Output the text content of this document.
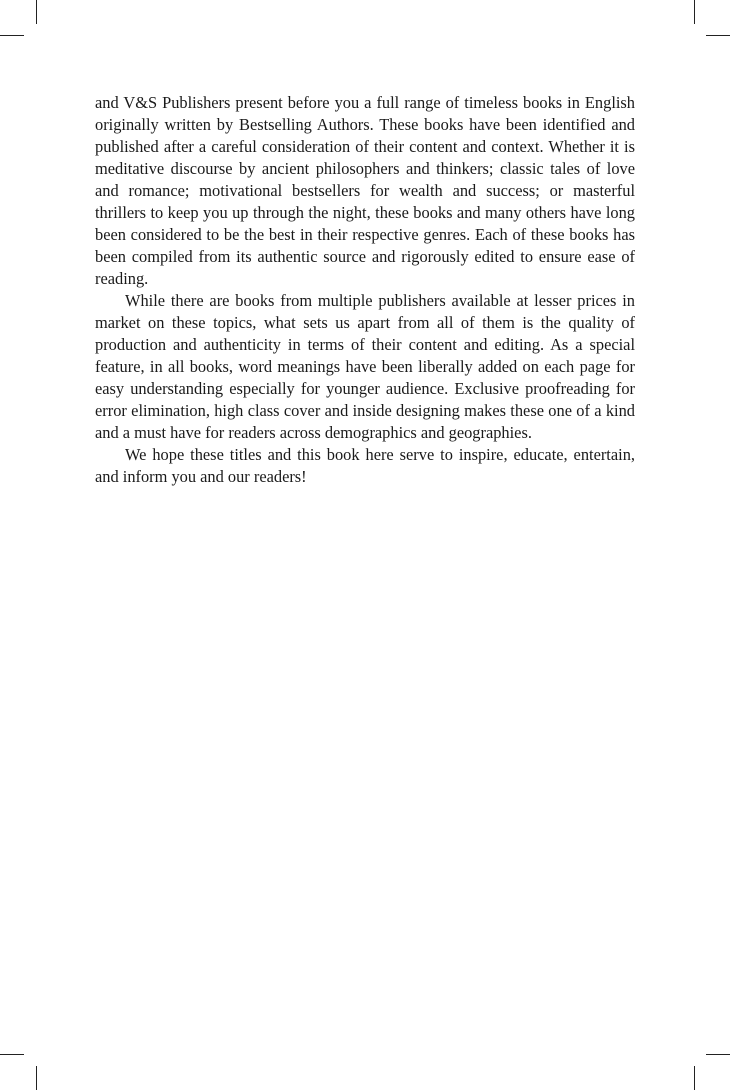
and V&S Publishers present before you a full range of timeless books in English originally written by Bestselling Authors. These books have been identified and published after a careful consideration of their content and context. Whether it is meditative discourse by ancient philosophers and thinkers; classic tales of love and romance; motivational bestsellers for wealth and success; or masterful thrillers to keep you up through the night, these books and many others have long been considered to be the best in their respective genres. Each of these books has been compiled from its authentic source and rigorously edited to ensure ease of reading.

While there are books from multiple publishers available at lesser prices in market on these topics, what sets us apart from all of them is the quality of production and authenticity in terms of their content and editing. As a special feature, in all books, word meanings have been liberally added on each page for easy understanding especially for younger audience. Exclusive proofreading for error elimination, high class cover and inside designing makes these one of a kind and a must have for readers across demographics and geographies.

We hope these titles and this book here serve to inspire, educate, entertain, and inform you and our readers!
